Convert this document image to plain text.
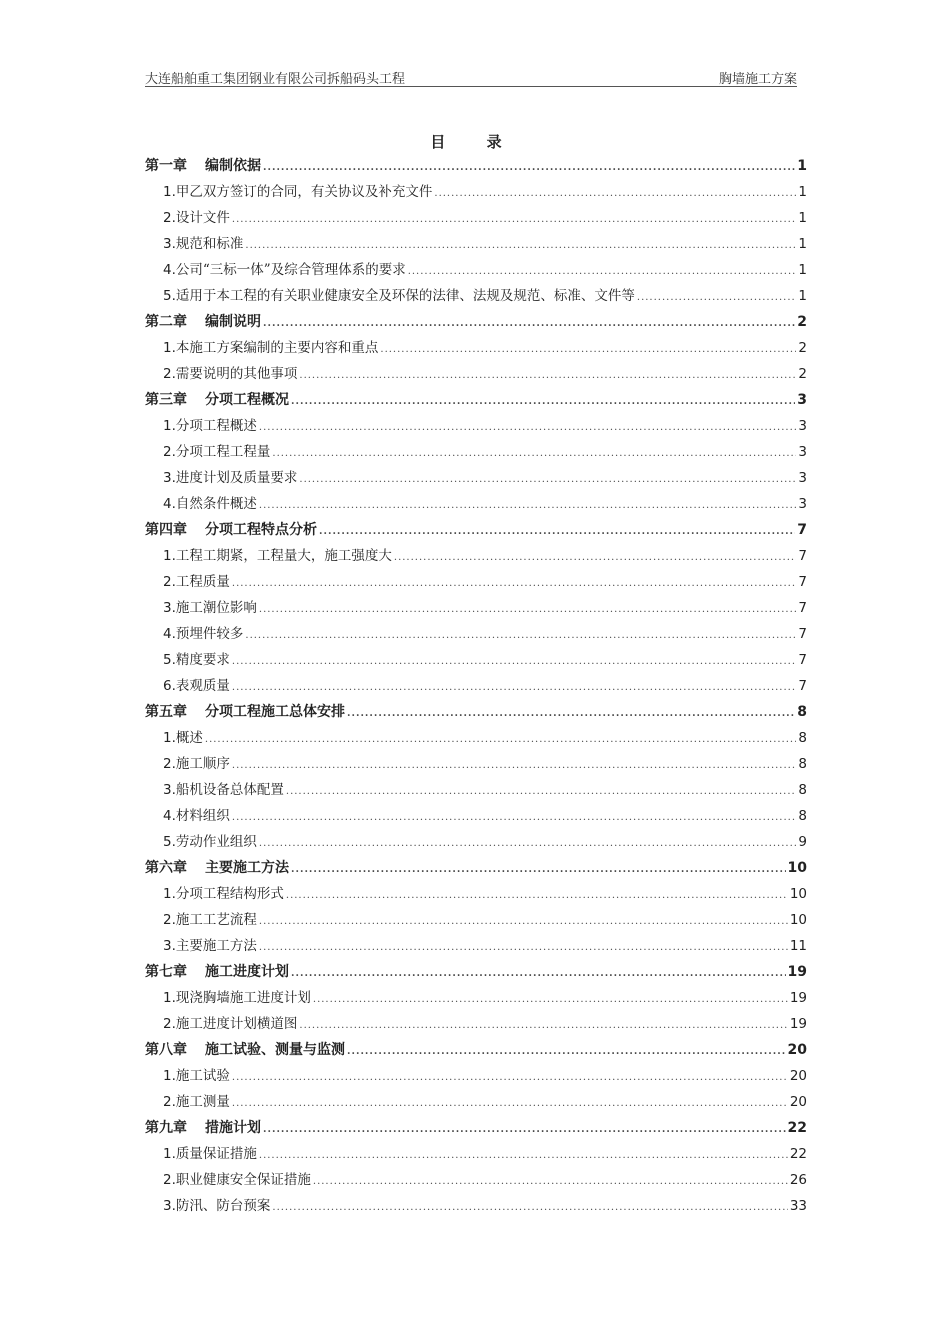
大连船舶重工集团钢业有限公司拆船码头工程	胸墙施工方案
目 录
第一章 编制依据 .....	1
1. 甲乙双方签订的合同，有关协议及补充文件 .....	1
2. 设计文件 .....	1
3. 规范和标准 .....	1
4. 公司“三标一体”及综合管理体系的要求 .....	1
5. 适用于本工程的有关职业健康安全及环保的法律、法规及规范、标准、文件等 .....	1
第二章 编制说明 .....	2
1. 本施工方案编制的主要内容和重点 .....	2
2. 需要说明的其他事项 .....	2
第三章 分项工程概况 .....	3
1. 分项工程概述 .....	3
2. 分项工程工程量 .....	3
3. 进度计划及质量要求 .....	3
4. 自然条件概述 .....	3
第四章 分项工程特点分析 .....	7
1. 工程工期紧，工程量大，施工强度大 .....	7
2. 工程质量 .....	7
3. 施工潮位影响 .....	7
4. 预埋件较多 .....	7
5. 精度要求 .....	7
6. 表观质量 .....	7
第五章 分项工程施工总体安排 .....	8
1. 概述 .....	8
2. 施工顺序 .....	8
3. 船机设备总体配置 .....	8
4. 材料组织 .....	8
5. 劳动作业组织 .....	9
第六章 主要施工方法 .....	10
1. 分项工程结构形式 .....	10
2. 施工工艺流程 .....	10
3. 主要施工方法 .....	11
第七章 施工进度计划 .....	19
1. 现浇胸墙施工进度计划 .....	19
2. 施工进度计划横道图 .....	19
第八章 施工试验、测量与监测 .....	20
1. 施工试验 .....	20
2. 施工测量 .....	20
第九章 措施计划 .....	22
1. 质量保证措施 .....	22
2. 职业健康安全保证措施 .....	26
3. 防汛、防台预案 .....	33
